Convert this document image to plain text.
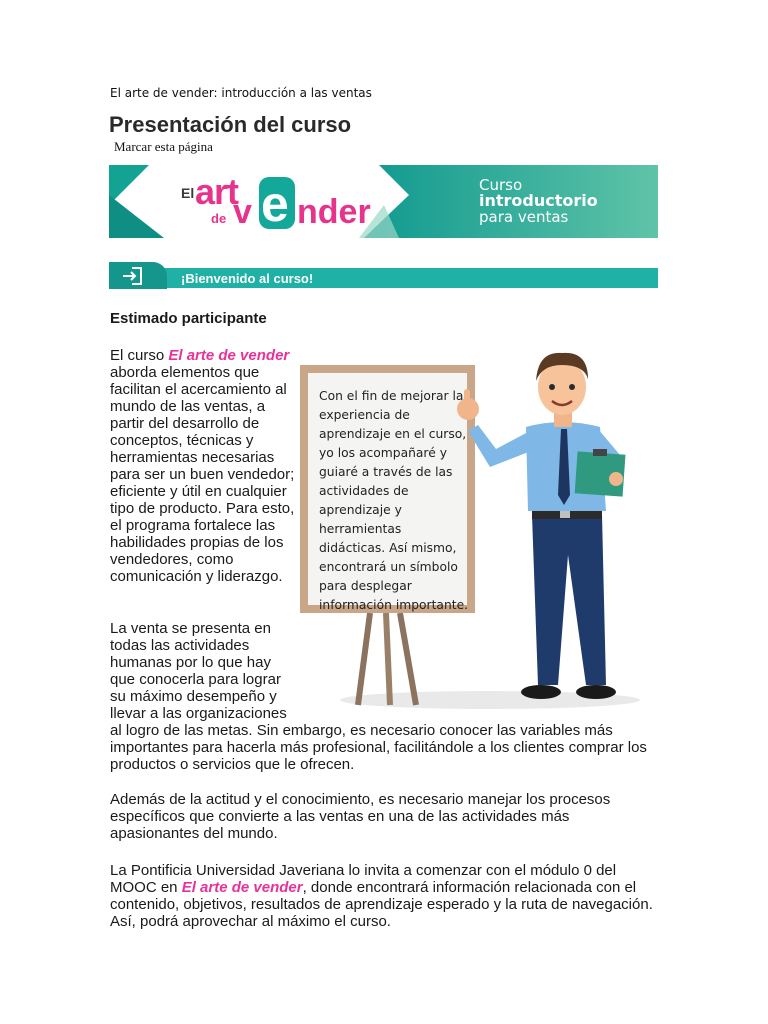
El arte de vender: introducción a las ventas
Presentación del curso
Marcar esta página
El art
de v e nder
Curso
introductorio
para ventas
¡Bienvenido al curso!
Estimado participante

El curso El arte de vender aborda elementos que facilitan el acercamiento al mundo de las ventas, a partir del desarrollo de conceptos, técnicas y herramientas necesarias para ser un buen vendedor; eficiente y útil en cualquier tipo de producto. Para esto, el programa fortalece las habilidades propias de los vendedores, como comunicación y liderazgo.

La venta se presenta en todas las actividades humanas por lo que hay que conocerla para lograr su máximo desempeño y llevar a las organizaciones

al logro de las metas. Sin embargo, es necesario conocer las variables más importantes para hacerla más profesional, facilitándole a los clientes comprar los productos o servicios que le ofrecen.

Además de la actitud y el conocimiento, es necesario manejar los procesos específicos que convierte a las ventas en una de las actividades más apasionantes del mundo.

La Pontificia Universidad Javeriana lo invita a comenzar con el módulo 0 del MOOC en El arte de vender, donde encontrará información relacionada con el contenido, objetivos, resultados de aprendizaje esperado y la ruta de navegación. Así, podrá aprovechar al máximo el curso.

Con el fin de mejorar la experiencia de aprendizaje en el curso, yo los acompañaré y guiaré a través de las actividades de aprendizaje y herramientas didácticas. Así mismo, encontrará un símbolo para desplegar información importante.
